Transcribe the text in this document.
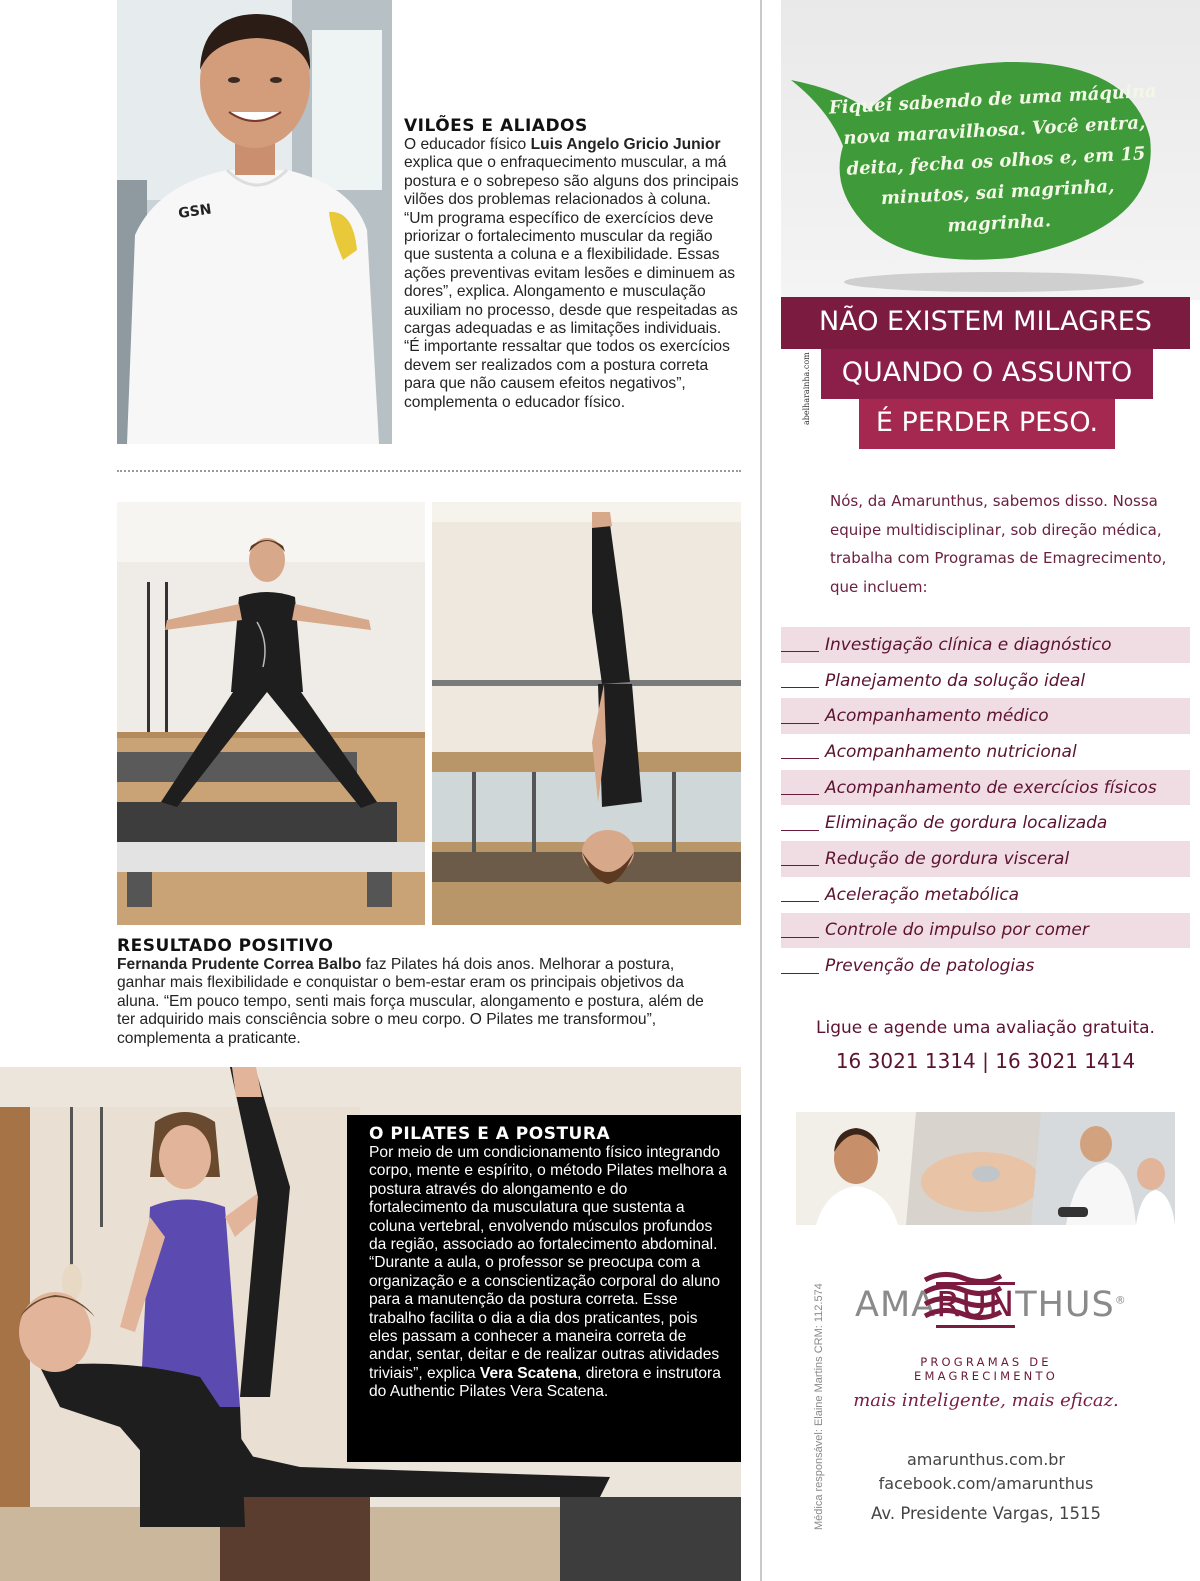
GSN
VILÕES E ALIADOS
O educador físico Luis Angelo Gricio Junior explica que o enfraquecimento muscular, a má postura e o sobrepeso são alguns dos principais vilões dos problemas relacionados à coluna. “Um programa específico de exercícios deve priorizar o fortalecimento muscular da região que sustenta a coluna e a flexibilidade. Essas ações preventivas evitam lesões e diminuem as dores”, explica. Alongamento e musculação auxiliam no processo, desde que respeitadas as cargas adequadas e as limitações individuais. “É importante ressaltar que todos os exercícios devem ser realizados com a postura correta para que não causem efeitos negativos”, complementa o educador físico.
RESULTADO POSITIVO
Fernanda Prudente Correa Balbo faz Pilates há dois anos. Melhorar a postura, ganhar mais flexibilidade e conquistar o bem-estar eram os principais objetivos da aluna. “Em pouco tempo, senti mais força muscular, alongamento e postura, além de ter adquirido mais consciência sobre o meu corpo. O Pilates me transformou”, complementa a praticante.
O PILATES E A POSTURA
Por meio de um condicionamento físico integrando corpo, mente e espírito, o método Pilates melhora a postura através do alongamento e do fortalecimento da musculatura que sustenta a coluna vertebral, envolvendo músculos profundos da região, associado ao fortalecimento abdominal. “Durante a aula, o professor se preocupa com a organização e a conscientização corporal do aluno para a manutenção da postura correta. Esse trabalho facilita o dia a dia dos praticantes, pois eles passam a conhecer a maneira correta de andar, sentar, deitar e de realizar outras atividades triviais”, explica Vera Scatena, diretora e instrutora do Authentic Pilates Vera Scatena.
Fiquei sabendo de uma máquina nova maravilhosa. Você entra, deita, fecha os olhos e, em 15 minutos, sai magrinha, magrinha.
NÃO EXISTEM MILAGRES
QUANDO O ASSUNTO
É PERDER PESO.
abelharainha.com
Nós, da Amarunthus, sabemos disso. Nossa equipe multidisciplinar, sob direção médica, trabalha com Programas de Emagrecimento, que incluem:
Investigação clínica e diagnóstico
Planejamento da solução ideal
Acompanhamento médico
Acompanhamento nutricional
Acompanhamento de exercícios físicos
Eliminação de gordura localizada
Redução de gordura visceral
Aceleração metabólica
Controle do impulso por comer
Prevenção de patologias
Ligue e agende uma avaliação gratuita.
16 3021 1314 | 16 3021 1414
Médica responsável: Elaine Martins CRM: 112.574 AMARUNTHUS®
PROGRAMAS DE EMAGRECIMENTO
mais inteligente, mais eficaz.
amarunthus.com.br
facebook.com/amarunthus
Av. Presidente Vargas, 1515
